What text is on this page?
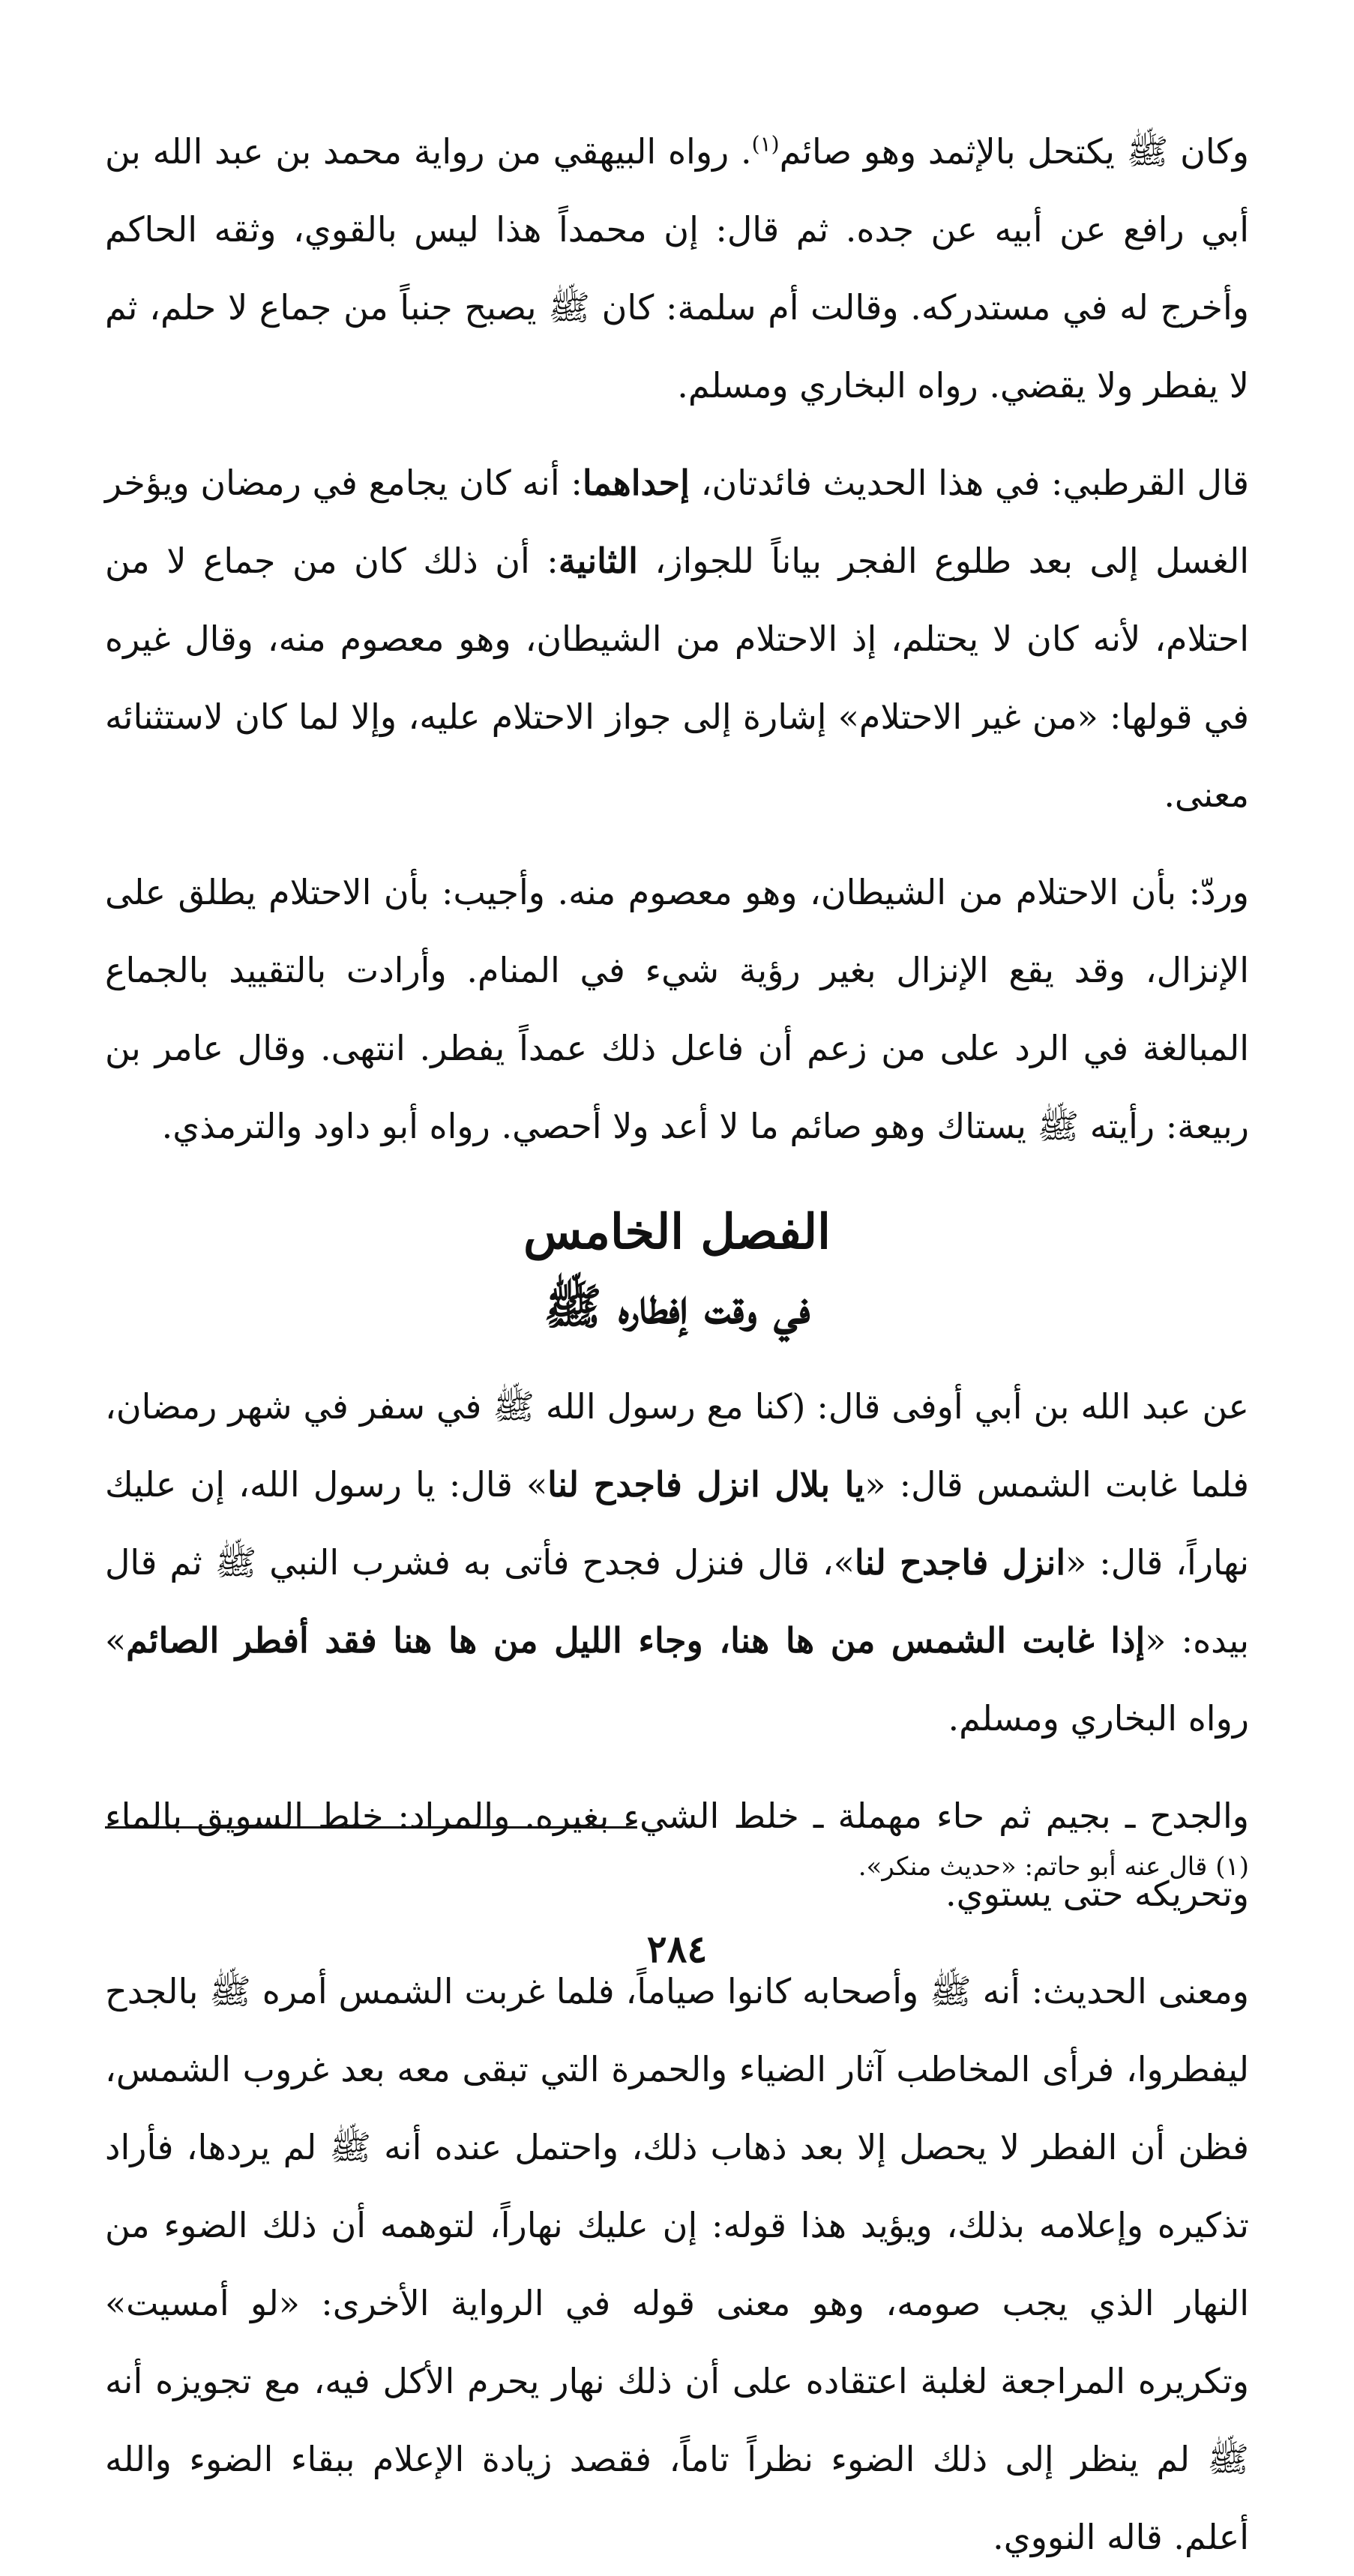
وكان ﷺ يكتحل بالإثمد وهو صائم$^{(١)}$. رواه البيهقي من رواية محمد بن عبد الله بن أبي رافع عن أبيه عن جده. ثم قال: إن محمداً هذا ليس بالقوي، وثقه الحاكم وأخرج له في مستدركه. وقالت أم سلمة: كان ﷺ يصبح جنباً من جماع لا حلم، ثم لا يفطر ولا يقضي. رواه البخاري ومسلم.

قال القرطبي: في هذا الحديث فائدتان، إحداهما: أنه كان يجامع في رمضان ويؤخر الغسل إلى بعد طلوع الفجر بياناً للجواز، الثانية: أن ذلك كان من جماع لا من احتلام، لأنه كان لا يحتلم، إذ الاحتلام من الشيطان، وهو معصوم منه، وقال غيره في قولها: «من غير الاحتلام» إشارة إلى جواز الاحتلام عليه، وإلا لما كان لاستثنائه معنى.

وردّ: بأن الاحتلام من الشيطان، وهو معصوم منه. وأجيب: بأن الاحتلام يطلق على الإنزال، وقد يقع الإنزال بغير رؤية شيء في المنام. وأرادت بالتقييد بالجماع المبالغة في الرد على من زعم أن فاعل ذلك عمداً يفطر. انتهى. وقال عامر بن ربيعة: رأيته ﷺ يستاك وهو صائم ما لا أعد ولا أحصي. رواه أبو داود والترمذي.

الفصل الخامس

في وقت إفطاره ﷺ

عن عبد الله بن أبي أوفى قال: (كنا مع رسول الله ﷺ في سفر في شهر رمضان، فلما غابت الشمس قال: «يا بلال انزل فاجدح لنا» قال: يا رسول الله، إن عليك نهاراً، قال: «انزل فاجدح لنا»، قال فنزل فجدح فأتى به فشرب النبي ﷺ ثم قال بيده: «إذا غابت الشمس من ها هنا، وجاء الليل من ها هنا فقد أفطر الصائم» رواه البخاري ومسلم.

والجدح ـ بجيم ثم حاء مهملة ـ خلط الشيء بغيره. والمراد: خلط السويق بالماء وتحريكه حتى يستوي.

ومعنى الحديث: أنه ﷺ وأصحابه كانوا صياماً، فلما غربت الشمس أمره ﷺ بالجدح ليفطروا، فرأى المخاطب آثار الضياء والحمرة التي تبقى معه بعد غروب الشمس، فظن أن الفطر لا يحصل إلا بعد ذهاب ذلك، واحتمل عنده أنه ﷺ لم يردها، فأراد تذكيره وإعلامه بذلك، ويؤيد هذا قوله: إن عليك نهاراً، لتوهمه أن ذلك الضوء من النهار الذي يجب صومه، وهو معنى قوله في الرواية الأخرى: «لو أمسيت» وتكريره المراجعة لغلبة اعتقاده على أن ذلك نهار يحرم الأكل فيه، مع تجويزه أنه ﷺ لم ينظر إلى ذلك الضوء نظراً تاماً، فقصد زيادة الإعلام ببقاء الضوء والله أعلم. قاله النووي.

(١) قال عنه أبو حاتم: «حديث منكر».
٢٨٤
